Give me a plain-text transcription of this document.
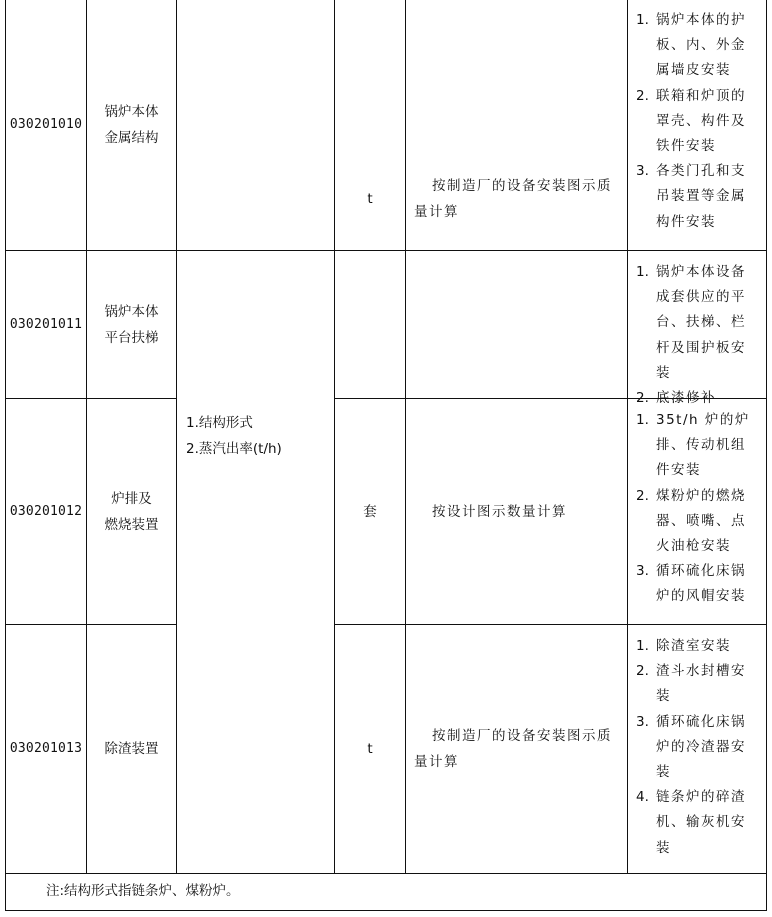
030201010
锅炉本体
金属结构
1. 锅炉本体的护板、内、外金属墙皮安装
2. 联箱和炉顶的罩壳、构件及铁件安装
3. 各类门孔和支吊装置等金属构件安装
030201011
锅炉本体
平台扶梯
1. 锅炉本体设备成套供应的平台、扶梯、栏杆及围护板安装
2. 底漆修补
030201012
炉排及
燃烧装置
1. 35t/h 炉的炉排、传动机组件安装
2. 煤粉炉的燃烧器、喷嘴、点火油枪安装
3. 循环硫化床锅炉的风帽安装
030201013	除渣装置
1. 除渣室安装
2. 渣斗水封槽安装
3. 循环硫化床锅炉的冷渣器安装
4. 链条炉的碎渣机、输灰机安装
1.结构形式
2.蒸汽出率(t/h)
t
按制造厂的设备安装图示质量计算
套	按设计图示数量计算
t
按制造厂的设备安装图示质量计算
注:结构形式指链条炉、煤粉炉。
